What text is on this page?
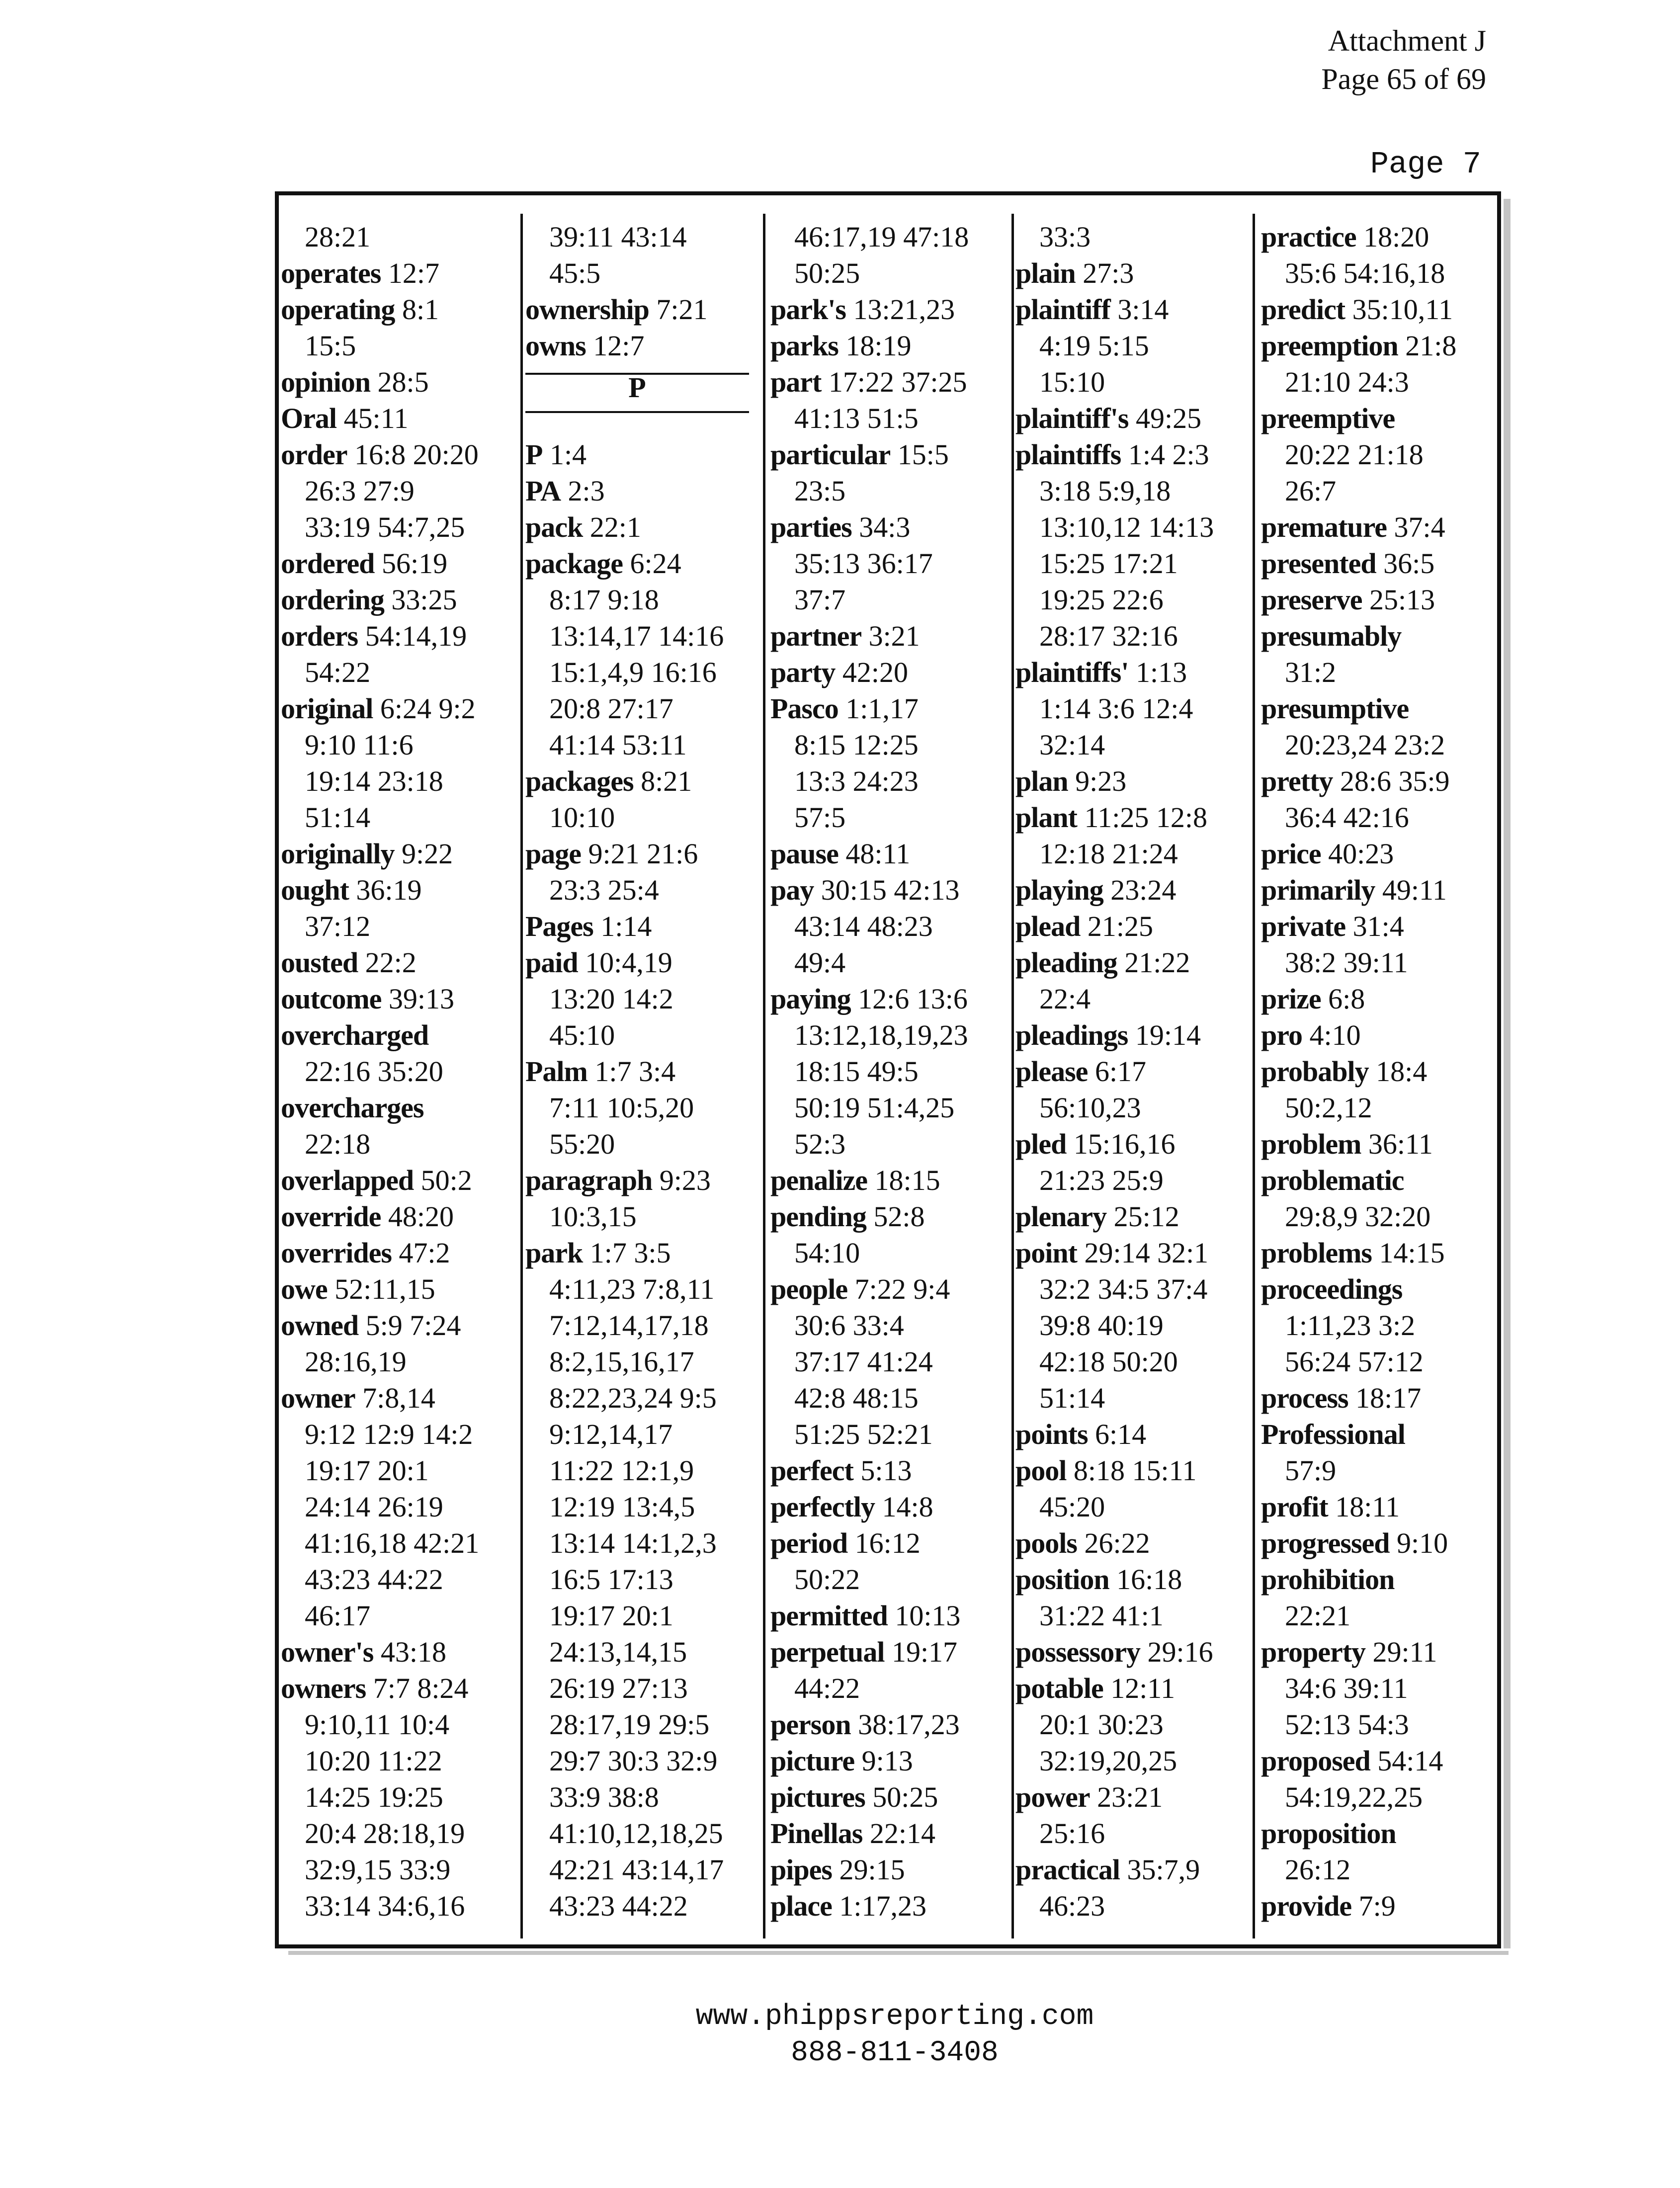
Attachment J
Page 65 of 69
Page 7
28:21
operates 12:7
operating 8:1
15:5
opinion 28:5
Oral 45:11
order 16:8 20:20
26:3 27:9
33:19 54:7,25
ordered 56:19
ordering 33:25
orders 54:14,19
54:22
original 6:24 9:2
9:10 11:6
19:14 23:18
51:14
originally 9:22
ought 36:19
37:12
ousted 22:2
outcome 39:13
overcharged
22:16 35:20
overcharges
22:18
overlapped 50:2
override 48:20
overrides 47:2
owe 52:11,15
owned 5:9 7:24
28:16,19
owner 7:8,14
9:12 12:9 14:2
19:17 20:1
24:14 26:19
41:16,18 42:21
43:23 44:22
46:17
owner's 43:18
owners 7:7 8:24
9:10,11 10:4
10:20 11:22
14:25 19:25
20:4 28:18,19
32:9,15 33:9
33:14 34:6,16
39:11 43:14
45:5
ownership 7:21
owns 12:7
P
P 1:4
PA 2:3
pack 22:1
package 6:24
8:17 9:18
13:14,17 14:16
15:1,4,9 16:16
20:8 27:17
41:14 53:11
packages 8:21
10:10
page 9:21 21:6
23:3 25:4
Pages 1:14
paid 10:4,19
13:20 14:2
45:10
Palm 1:7 3:4
7:11 10:5,20
55:20
paragraph 9:23
10:3,15
park 1:7 3:5
4:11,23 7:8,11
7:12,14,17,18
8:2,15,16,17
8:22,23,24 9:5
9:12,14,17
11:22 12:1,9
12:19 13:4,5
13:14 14:1,2,3
16:5 17:13
19:17 20:1
24:13,14,15
26:19 27:13
28:17,19 29:5
29:7 30:3 32:9
33:9 38:8
41:10,12,18,25
42:21 43:14,17
43:23 44:22
46:17,19 47:18
50:25
park's 13:21,23
parks 18:19
part 17:22 37:25
41:13 51:5
particular 15:5
23:5
parties 34:3
35:13 36:17
37:7
partner 3:21
party 42:20
Pasco 1:1,17
8:15 12:25
13:3 24:23
57:5
pause 48:11
pay 30:15 42:13
43:14 48:23
49:4
paying 12:6 13:6
13:12,18,19,23
18:15 49:5
50:19 51:4,25
52:3
penalize 18:15
pending 52:8
54:10
people 7:22 9:4
30:6 33:4
37:17 41:24
42:8 48:15
51:25 52:21
perfect 5:13
perfectly 14:8
period 16:12
50:22
permitted 10:13
perpetual 19:17
44:22
person 38:17,23
picture 9:13
pictures 50:25
Pinellas 22:14
pipes 29:15
place 1:17,23
33:3
plain 27:3
plaintiff 3:14
4:19 5:15
15:10
plaintiff's 49:25
plaintiffs 1:4 2:3
3:18 5:9,18
13:10,12 14:13
15:25 17:21
19:25 22:6
28:17 32:16
plaintiffs' 1:13
1:14 3:6 12:4
32:14
plan 9:23
plant 11:25 12:8
12:18 21:24
playing 23:24
plead 21:25
pleading 21:22
22:4
pleadings 19:14
please 6:17
56:10,23
pled 15:16,16
21:23 25:9
plenary 25:12
point 29:14 32:1
32:2 34:5 37:4
39:8 40:19
42:18 50:20
51:14
points 6:14
pool 8:18 15:11
45:20
pools 26:22
position 16:18
31:22 41:1
possessory 29:16
potable 12:11
20:1 30:23
32:19,20,25
power 23:21
25:16
practical 35:7,9
46:23
practice 18:20
35:6 54:16,18
predict 35:10,11
preemption 21:8
21:10 24:3
preemptive
20:22 21:18
26:7
premature 37:4
presented 36:5
preserve 25:13
presumably
31:2
presumptive
20:23,24 23:2
pretty 28:6 35:9
36:4 42:16
price 40:23
primarily 49:11
private 31:4
38:2 39:11
prize 6:8
pro 4:10
probably 18:4
50:2,12
problem 36:11
problematic
29:8,9 32:20
problems 14:15
proceedings
1:11,23 3:2
56:24 57:12
process 18:17
Professional
57:9
profit 18:11
progressed 9:10
prohibition
22:21
property 29:11
34:6 39:11
52:13 54:3
proposed 54:14
54:19,22,25
proposition
26:12
provide 7:9
www.phippsreporting.com
888-811-3408
